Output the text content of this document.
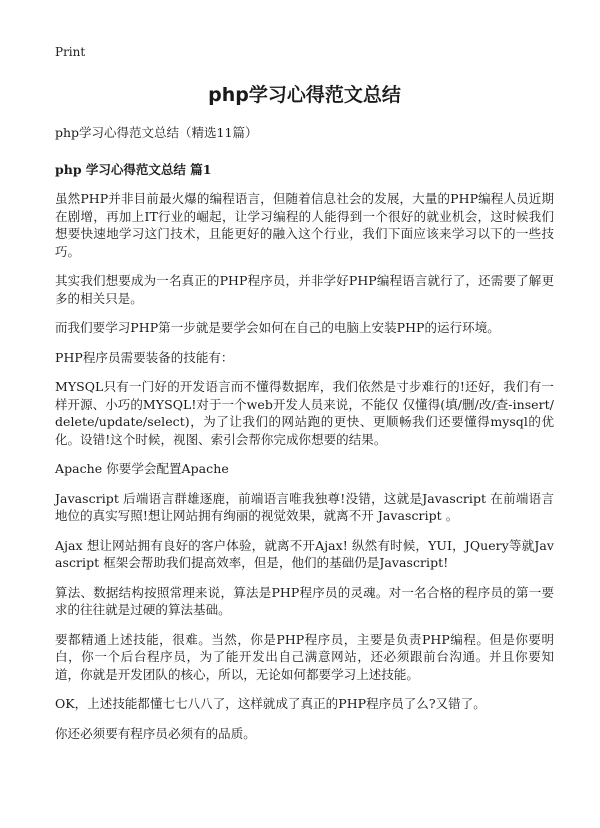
Print
php学习心得范文总结
php学习心得范文总结（精选11篇）
php 学习心得范文总结 篇1

虽然PHP并非目前最火爆的编程语言，但随着信息社会的发展，大量的PHP编程人员近期在剧增，再加上IT行业的崛起，让学习编程的人能得到一个很好的就业机会，这时候我们想要快速地学习这门技术，且能更好的融入这个行业，我们下面应该来学习以下的一些技巧。

其实我们想要成为一名真正的PHP程序员，并非学好PHP编程语言就行了，还需要了解更多的相关只是。

而我们要学习PHP第一步就是要学会如何在自己的电脑上安装PHP的运行环境。

PHP程序员需要装备的技能有：

MYSQL只有一门好的开发语言而不懂得数据库，我们依然是寸步难行的!还好，我们有一样开源、小巧的MYSQL!对于一个web开发人员来说，不能仅 仅懂得(填/删/改/查-insert/delete/update/select)，为了让我们的网站跑的更快、更顺畅我们还要懂得mysql的优化。设错!这个时候，视图、索引会帮你完成你想要的结果。

Apache 你要学会配置Apache

Javascript 后端语言群雄逐鹿，前端语言唯我独尊!没错，这就是Javascript 在前端语言地位的真实写照!想让网站拥有绚丽的视觉效果，就离不开 Javascript 。

Ajax 想让网站拥有良好的客户体验，就离不开Ajax! 纵然有时候，YUI，JQuery等就Javascript 框架会帮助我们提高效率，但是，他们的基础仍是Javascript!

算法、数据结构按照常理来说，算法是PHP程序员的灵魂。对一名合格的程序员的第一要求的往往就是过硬的算法基础。

要都精通上述技能，很难。当然，你是PHP程序员，主要是负责PHP编程。但是你要明白，你一个后台程序员，为了能开发出自己满意网站，还必须跟前台沟通。并且你要知道，你就是开发团队的核心，所以，无论如何都要学习上述技能。

OK，上述技能都懂七七八八了，这样就成了真正的PHP程序员了么?又错了。

你还必须要有程序员必须有的品质。
